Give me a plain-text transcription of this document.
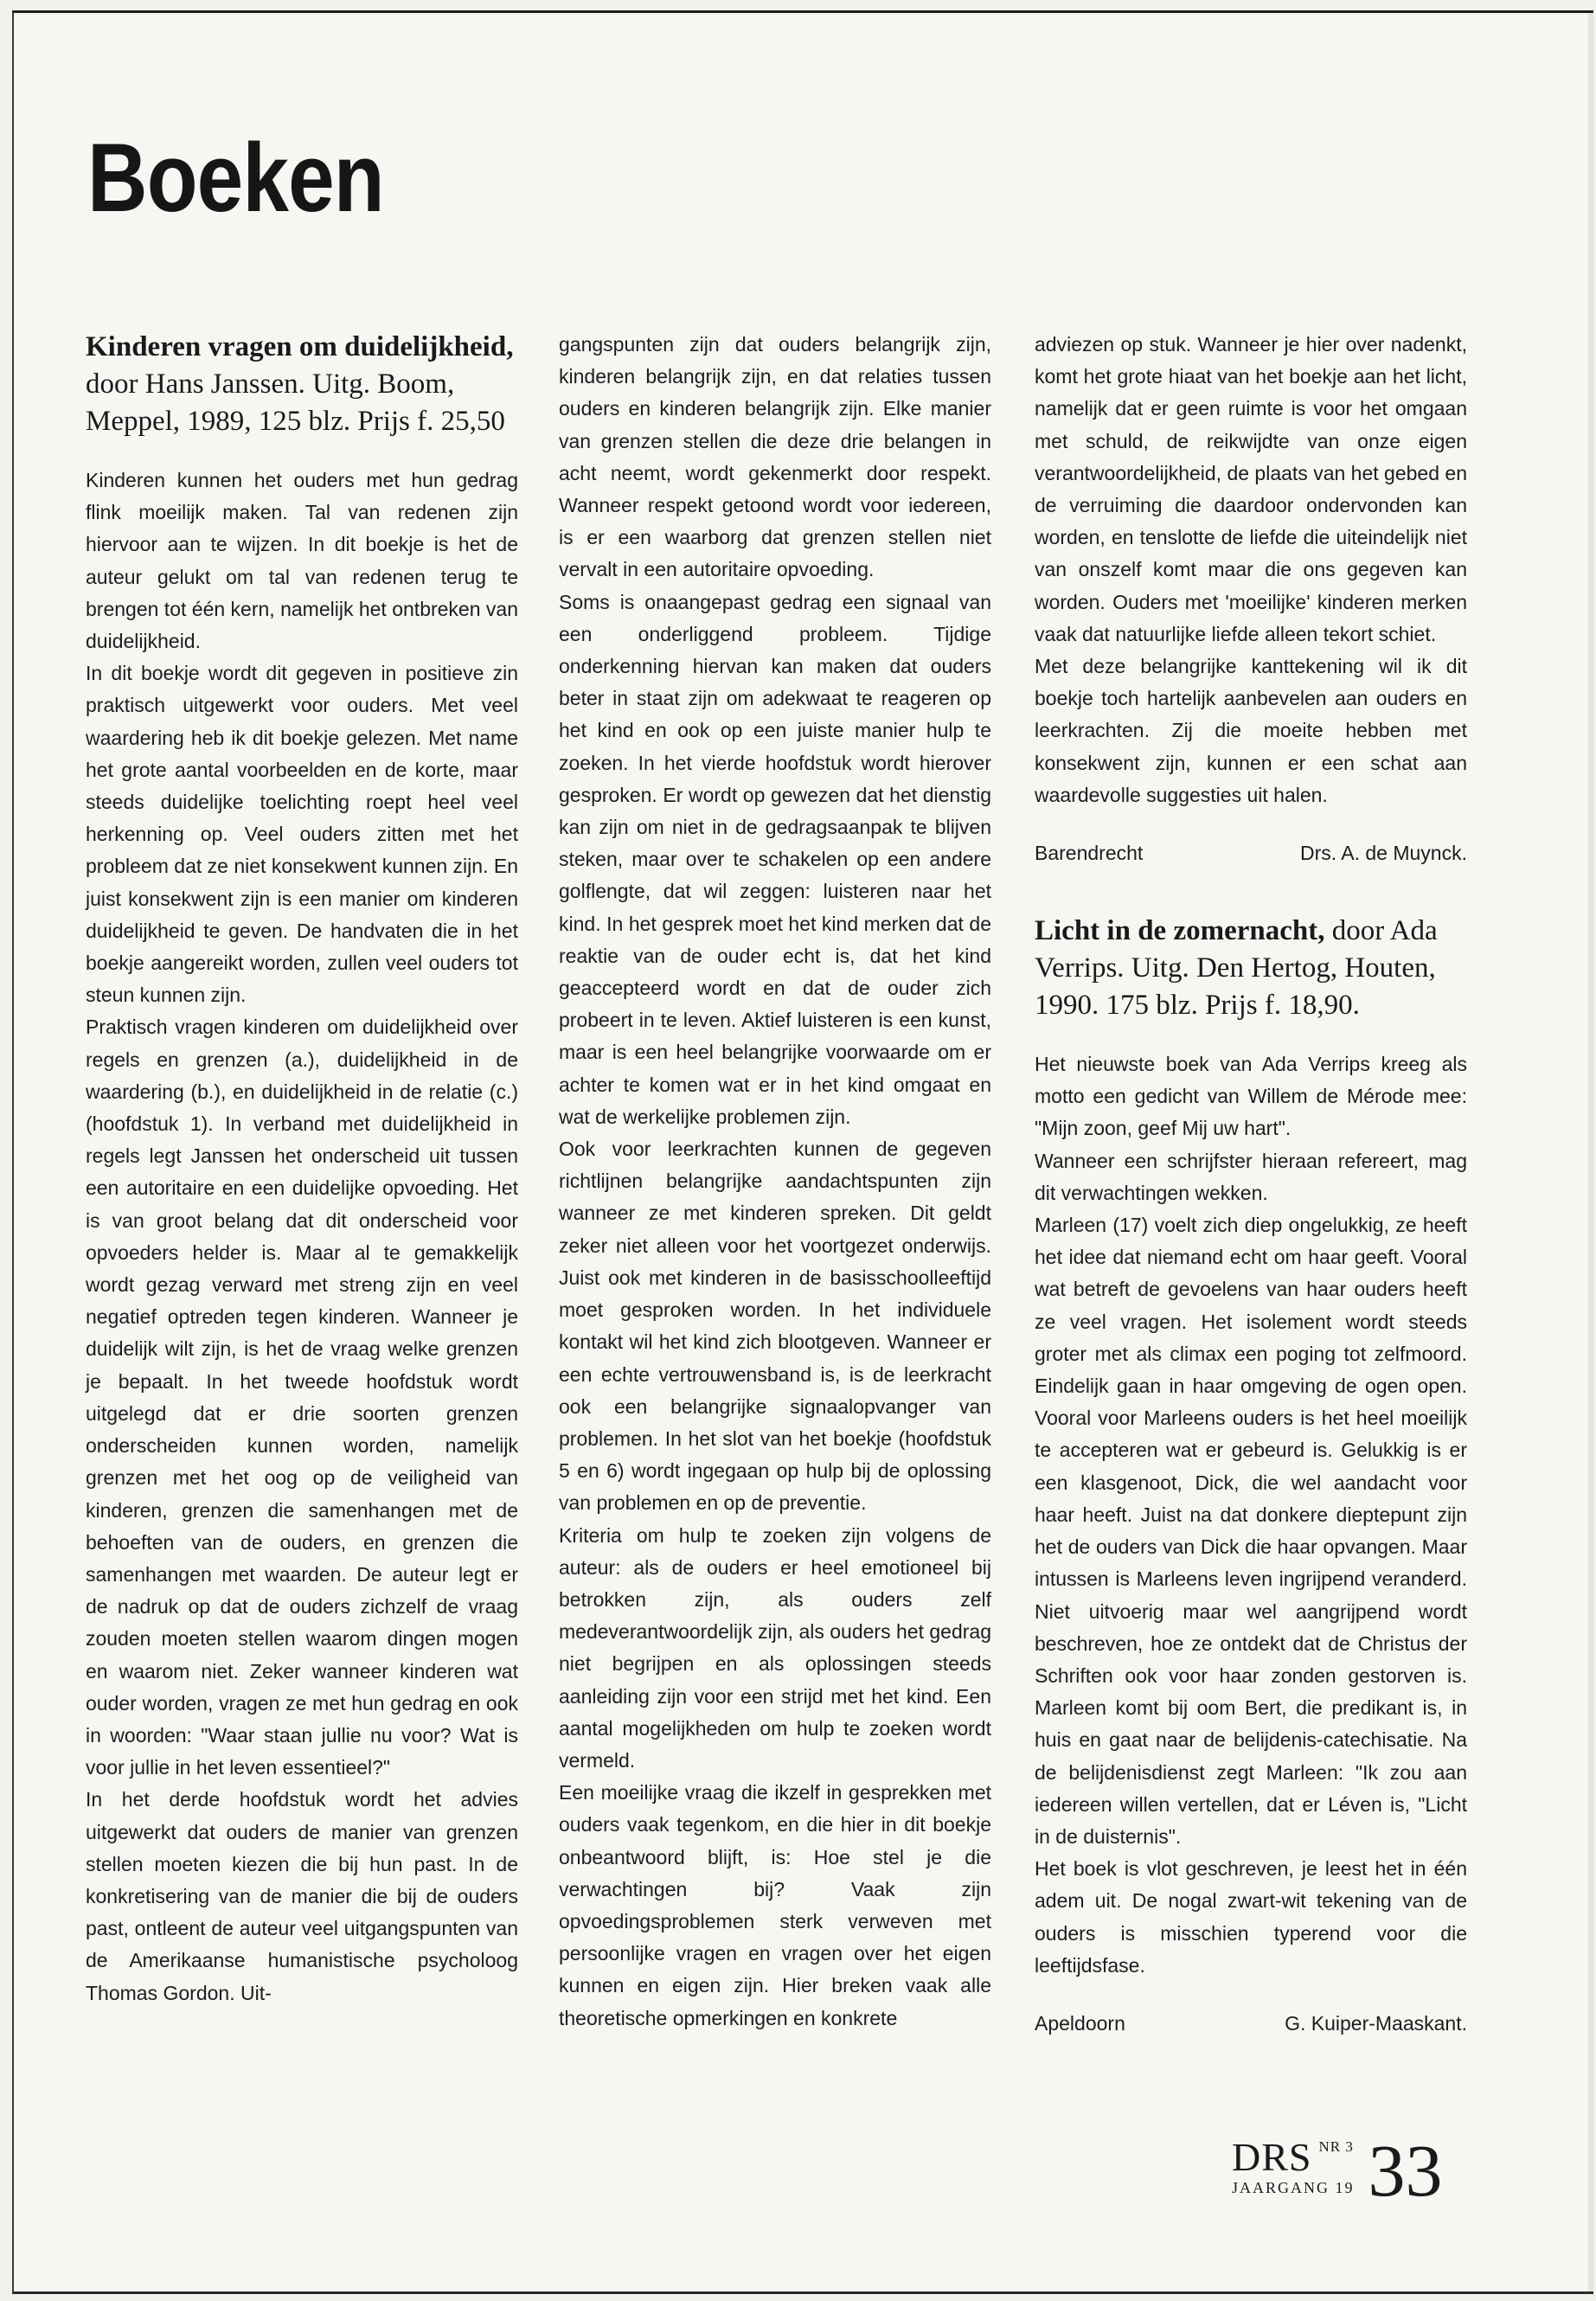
Boeken
Kinderen vragen om duidelijkheid, door Hans Janssen. Uitg. Boom, Meppel, 1989, 125 blz. Prijs f. 25,50

Kinderen kunnen het ouders met hun gedrag flink moeilijk maken. Tal van redenen zijn hiervoor aan te wijzen. In dit boekje is het de auteur gelukt om tal van redenen terug te brengen tot één kern, namelijk het ontbreken van duidelijkheid.

In dit boekje wordt dit gegeven in positieve zin praktisch uitgewerkt voor ouders. Met veel waardering heb ik dit boekje gelezen. Met name het grote aantal voorbeelden en de korte, maar steeds duidelijke toelichting roept heel veel herkenning op. Veel ouders zitten met het probleem dat ze niet konsekwent kunnen zijn. En juist konsekwent zijn is een manier om kinderen duidelijkheid te geven. De handvaten die in het boekje aangereikt worden, zullen veel ouders tot steun kunnen zijn.

Praktisch vragen kinderen om duidelijkheid over regels en grenzen (a.), duidelijkheid in de waardering (b.), en duidelijkheid in de relatie (c.) (hoofdstuk 1). In verband met duidelijkheid in regels legt Janssen het onderscheid uit tussen een autoritaire en een duidelijke opvoeding. Het is van groot belang dat dit onderscheid voor opvoeders helder is. Maar al te gemakkelijk wordt gezag verward met streng zijn en veel negatief optreden tegen kinderen. Wanneer je duidelijk wilt zijn, is het de vraag welke grenzen je bepaalt. In het tweede hoofdstuk wordt uitgelegd dat er drie soorten grenzen onderscheiden kunnen worden, namelijk grenzen met het oog op de veiligheid van kinderen, grenzen die samenhangen met de behoeften van de ouders, en grenzen die samenhangen met waarden. De auteur legt er de nadruk op dat de ouders zichzelf de vraag zouden moeten stellen waarom dingen mogen en waarom niet. Zeker wanneer kinderen wat ouder worden, vragen ze met hun gedrag en ook in woorden: "Waar staan jullie nu voor? Wat is voor jullie in het leven essentieel?"

In het derde hoofdstuk wordt het advies uitgewerkt dat ouders de manier van grenzen stellen moeten kiezen die bij hun past. In de konkretisering van de manier die bij de ouders past, ontleent de auteur veel uitgangspunten van de Amerikaanse humanistische psycholoog Thomas Gordon. Uit-

gangspunten zijn dat ouders belangrijk zijn, kinderen belangrijk zijn, en dat relaties tussen ouders en kinderen belangrijk zijn. Elke manier van grenzen stellen die deze drie belangen in acht neemt, wordt gekenmerkt door respekt. Wanneer respekt getoond wordt voor iedereen, is er een waarborg dat grenzen stellen niet vervalt in een autoritaire opvoeding.

Soms is onaangepast gedrag een signaal van een onderliggend probleem. Tijdige onderkenning hiervan kan maken dat ouders beter in staat zijn om adekwaat te reageren op het kind en ook op een juiste manier hulp te zoeken. In het vierde hoofdstuk wordt hierover gesproken. Er wordt op gewezen dat het dienstig kan zijn om niet in de gedragsaanpak te blijven steken, maar over te schakelen op een andere golflengte, dat wil zeggen: luisteren naar het kind. In het gesprek moet het kind merken dat de reaktie van de ouder echt is, dat het kind geaccepteerd wordt en dat de ouder zich probeert in te leven. Aktief luisteren is een kunst, maar is een heel belangrijke voorwaarde om er achter te komen wat er in het kind omgaat en wat de werkelijke problemen zijn.

Ook voor leerkrachten kunnen de gegeven richtlijnen belangrijke aandachtspunten zijn wanneer ze met kinderen spreken. Dit geldt zeker niet alleen voor het voortgezet onderwijs. Juist ook met kinderen in de basisschoolleeftijd moet gesproken worden. In het individuele kontakt wil het kind zich blootgeven. Wanneer er een echte vertrouwensband is, is de leerkracht ook een belangrijke signaalopvanger van problemen. In het slot van het boekje (hoofdstuk 5 en 6) wordt ingegaan op hulp bij de oplossing van problemen en op de preventie.

Kriteria om hulp te zoeken zijn volgens de auteur: als de ouders er heel emotioneel bij betrokken zijn, als ouders zelf medeverantwoordelijk zijn, als ouders het gedrag niet begrijpen en als oplossingen steeds aanleiding zijn voor een strijd met het kind. Een aantal mogelijkheden om hulp te zoeken wordt vermeld.

Een moeilijke vraag die ikzelf in gesprekken met ouders vaak tegenkom, en die hier in dit boekje onbeantwoord blijft, is: Hoe stel je die verwachtingen bij? Vaak zijn opvoedingsproblemen sterk verweven met persoonlijke vragen en vragen over het eigen kunnen en eigen zijn. Hier breken vaak alle theoretische opmerkingen en konkrete

adviezen op stuk. Wanneer je hier over nadenkt, komt het grote hiaat van het boekje aan het licht, namelijk dat er geen ruimte is voor het omgaan met schuld, de reikwijdte van onze eigen verantwoordelijkheid, de plaats van het gebed en de verruiming die daardoor ondervonden kan worden, en tenslotte de liefde die uiteindelijk niet van onszelf komt maar die ons gegeven kan worden. Ouders met 'moeilijke' kinderen merken vaak dat natuurlijke liefde alleen tekort schiet.

Met deze belangrijke kanttekening wil ik dit boekje toch hartelijk aanbevelen aan ouders en leerkrachten. Zij die moeite hebben met konsekwent zijn, kunnen er een schat aan waardevolle suggesties uit halen.

Barendrecht	Drs. A. de Muynck.
Licht in de zomernacht, door Ada Verrips. Uitg. Den Hertog, Houten, 1990. 175 blz. Prijs f. 18,90.

Het nieuwste boek van Ada Verrips kreeg als motto een gedicht van Willem de Mérode mee: "Mijn zoon, geef Mij uw hart".

Wanneer een schrijfster hieraan refereert, mag dit verwachtingen wekken.

Marleen (17) voelt zich diep ongelukkig, ze heeft het idee dat niemand echt om haar geeft. Vooral wat betreft de gevoelens van haar ouders heeft ze veel vragen. Het isolement wordt steeds groter met als climax een poging tot zelfmoord. Eindelijk gaan in haar omgeving de ogen open. Vooral voor Marleens ouders is het heel moeilijk te accepteren wat er gebeurd is. Gelukkig is er een klasgenoot, Dick, die wel aandacht voor haar heeft. Juist na dat donkere dieptepunt zijn het de ouders van Dick die haar opvangen. Maar intussen is Marleens leven ingrijpend veranderd. Niet uitvoerig maar wel aangrijpend wordt beschreven, hoe ze ontdekt dat de Christus der Schriften ook voor haar zonden gestorven is. Marleen komt bij oom Bert, die predikant is, in huis en gaat naar de belijdenis-catechisatie. Na de belijdenisdienst zegt Marleen: "Ik zou aan iedereen willen vertellen, dat er Léven is, "Licht in de duisternis".

Het boek is vlot geschreven, je leest het in één adem uit. De nogal zwart-wit tekening van de ouders is misschien typerend voor die leeftijdsfase.

Apeldoorn	G. Kuiper-Maaskant.
DRS NR 3
JAARGANG 19 33
